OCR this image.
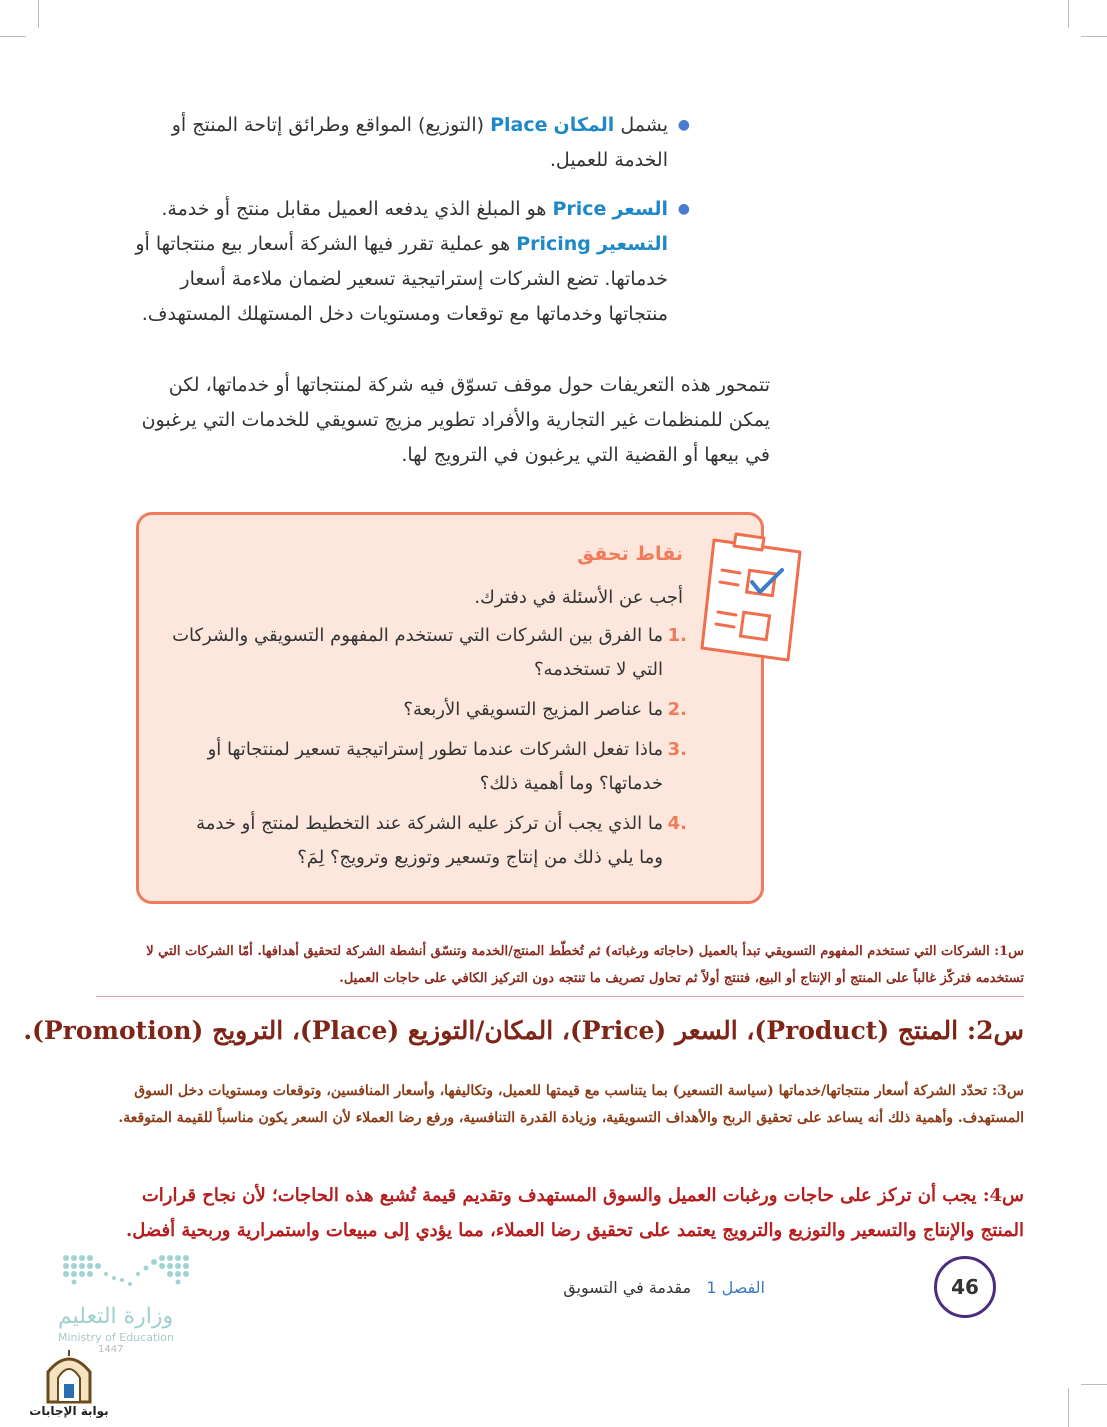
●
يشمل المكان Place (التوزيع) المواقع وطرائق إتاحة المنتج أو الخدمة للعميل.
●
السعر Price هو المبلغ الذي يدفعه العميل مقابل منتج أو خدمة. التسعير Pricing هو عملية تقرر فيها الشركة أسعار بيع منتجاتها أو خدماتها. تضع الشركات إستراتيجية تسعير لضمان ملاءمة أسعار منتجاتها وخدماتها مع توقعات ومستويات دخل المستهلك المستهدف.
تتمحور هذه التعريفات حول موقف تسوّق فيه شركة لمنتجاتها أو خدماتها، لكن يمكن للمنظمات غير التجارية والأفراد تطوير مزيج تسويقي للخدمات التي يرغبون في بيعها أو القضية التي يرغبون في الترويج لها.
نقاط تحقق
أجب عن الأسئلة في دفترك.
.1
ما الفرق بين الشركات التي تستخدم المفهوم التسويقي والشركات التي لا تستخدمه؟
.2
ما عناصر المزيج التسويقي الأربعة؟
.3
ماذا تفعل الشركات عندما تطور إستراتيجية تسعير لمنتجاتها أو خدماتها؟ وما أهمية ذلك؟
.4
ما الذي يجب أن تركز عليه الشركة عند التخطيط لمنتج أو خدمة وما يلي ذلك من إنتاج وتسعير وتوزيع وترويج؟ لِمَ؟
س1: الشركات التي تستخدم المفهوم التسويقي تبدأ بالعميل (حاجاته ورغباته) ثم تُخطّط المنتج/الخدمة وتنسّق أنشطة الشركة لتحقيق أهدافها. أمّا الشركات التي لا تستخدمه فتركّز غالباً على المنتج أو الإنتاج أو البيع، فتنتج أولاً ثم تحاول تصريف ما تنتجه دون التركيز الكافي على حاجات العميل.
س2: المنتج (Product)، السعر (Price)، المكان/التوزيع (Place)، الترويج (Promotion).
س3: تحدّد الشركة أسعار منتجاتها/خدماتها (سياسة التسعير) بما يتناسب مع قيمتها للعميل، وتكاليفها، وأسعار المنافسين، وتوقعات ومستويات دخل السوق المستهدف. وأهمية ذلك أنه يساعد على تحقيق الربح والأهداف التسويقية، وزيادة القدرة التنافسية، ورفع رضا العملاء لأن السعر يكون مناسباً للقيمة المتوقعة.
س4: يجب أن تركز على حاجات ورغبات العميل والسوق المستهدف وتقديم قيمة تُشبع هذه الحاجات؛ لأن نجاح قرارات المنتج والإنتاج والتسعير والتوزيع والترويج يعتمد على تحقيق رضا العملاء، مما يؤدي إلى مبيعات واستمرارية وربحية أفضل.
46
الفصل 1   مقدمة في التسويق
وزارة التعليم
Ministry of Education
1447
بوابة الإجابات
